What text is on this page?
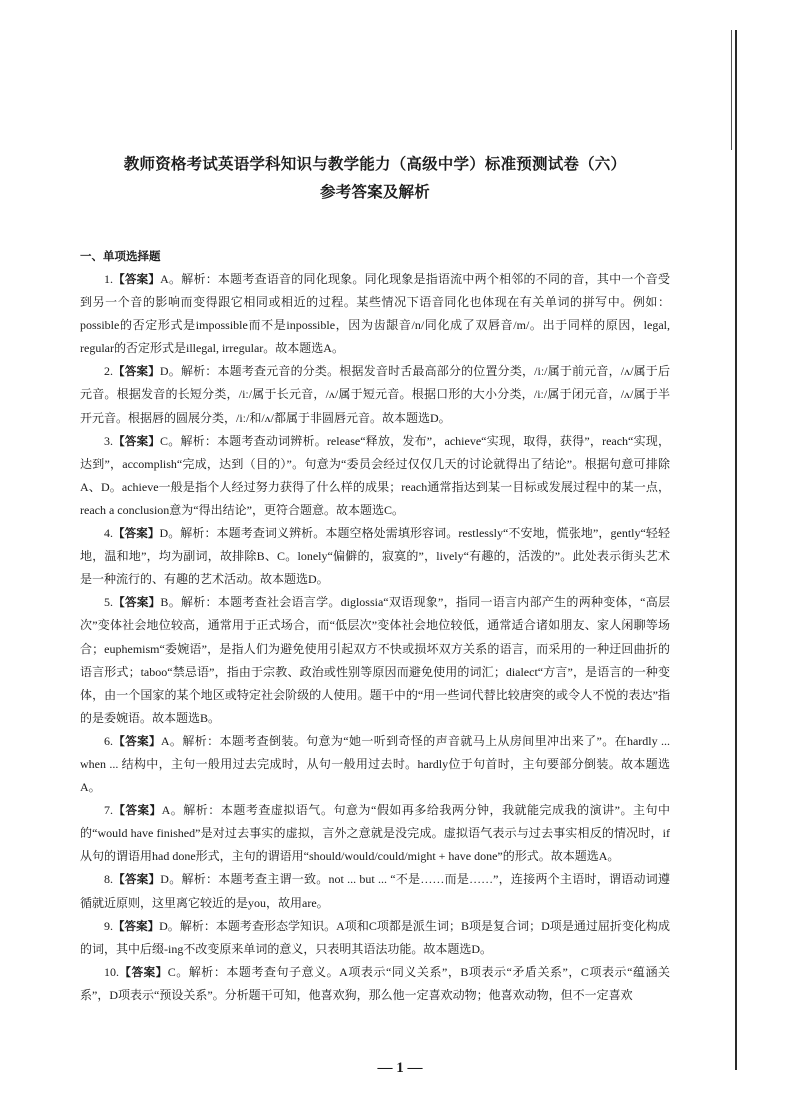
教师资格考试英语学科知识与教学能力（高级中学）标准预测试卷（六）
参考答案及解析
一、单项选择题

1.【答案】A。解析：本题考查语音的同化现象。同化现象是指语流中两个相邻的不同的音，其中一个音受到另一个音的影响而变得跟它相同或相近的过程。某些情况下语音同化也体现在有关单词的拼写中。例如：possible的否定形式是impossible而不是inpossible，因为齿龈音/n/同化成了双唇音/m/。出于同样的原因，legal, regular的否定形式是illegal, irregular。故本题选A。

2.【答案】D。解析：本题考查元音的分类。根据发音时舌最高部分的位置分类，/iː/属于前元音，/ʌ/属于后元音。根据发音的长短分类，/iː/属于长元音，/ʌ/属于短元音。根据口形的大小分类，/iː/属于闭元音，/ʌ/属于半开元音。根据唇的圆展分类，/iː/和/ʌ/都属于非圆唇元音。故本题选D。

3.【答案】C。解析：本题考查动词辨析。release“释放，发布”，achieve“实现，取得，获得”，reach“实现，达到”，accomplish“完成，达到（目的）”。句意为“委员会经过仅仅几天的讨论就得出了结论”。根据句意可排除A、D。achieve一般是指个人经过努力获得了什么样的成果；reach通常指达到某一目标或发展过程中的某一点，reach a conclusion意为“得出结论”，更符合题意。故本题选C。

4.【答案】D。解析：本题考查词义辨析。本题空格处需填形容词。restlessly“不安地，慌张地”，gently“轻轻地，温和地”，均为副词，故排除B、C。lonely“偏僻的，寂寞的”，lively“有趣的，活泼的”。此处表示街头艺术是一种流行的、有趣的艺术活动。故本题选D。

5.【答案】B。解析：本题考查社会语言学。diglossia“双语现象”，指同一语言内部产生的两种变体，“高层次”变体社会地位较高，通常用于正式场合，而“低层次”变体社会地位较低，通常适合诸如朋友、家人闲聊等场合；euphemism“委婉语”，是指人们为避免使用引起双方不快或损坏双方关系的语言，而采用的一种迂回曲折的语言形式；taboo“禁忌语”，指由于宗教、政治或性别等原因而避免使用的词汇；dialect“方言”，是语言的一种变体，由一个国家的某个地区或特定社会阶级的人使用。题干中的“用一些词代替比较唐突的或令人不悦的表达”指的是委婉语。故本题选B。

6.【答案】A。解析：本题考查倒装。句意为“她一听到奇怪的声音就马上从房间里冲出来了”。在hardly ... when ... 结构中，主句一般用过去完成时，从句一般用过去时。hardly位于句首时，主句要部分倒装。故本题选A。

7.【答案】A。解析：本题考查虚拟语气。句意为“假如再多给我两分钟，我就能完成我的演讲”。主句中的“would have finished”是对过去事实的虚拟，言外之意就是没完成。虚拟语气表示与过去事实相反的情况时，if从句的谓语用had done形式，主句的谓语用“should/would/could/might + have done”的形式。故本题选A。

8.【答案】D。解析：本题考查主谓一致。not ... but ... “不是……而是……”，连接两个主语时，谓语动词遵循就近原则，这里离它较近的是you，故用are。

9.【答案】D。解析：本题考查形态学知识。A项和C项都是派生词；B项是复合词；D项是通过屈折变化构成的词，其中后缀-ing不改变原来单词的意义，只表明其语法功能。故本题选D。

10.【答案】C。解析：本题考查句子意义。A项表示“同义关系”，B项表示“矛盾关系”，C项表示“蕴涵关系”，D项表示“预设关系”。分析题干可知，他喜欢狗，那么他一定喜欢动物；他喜欢动物，但不一定喜欢

— 1 —
